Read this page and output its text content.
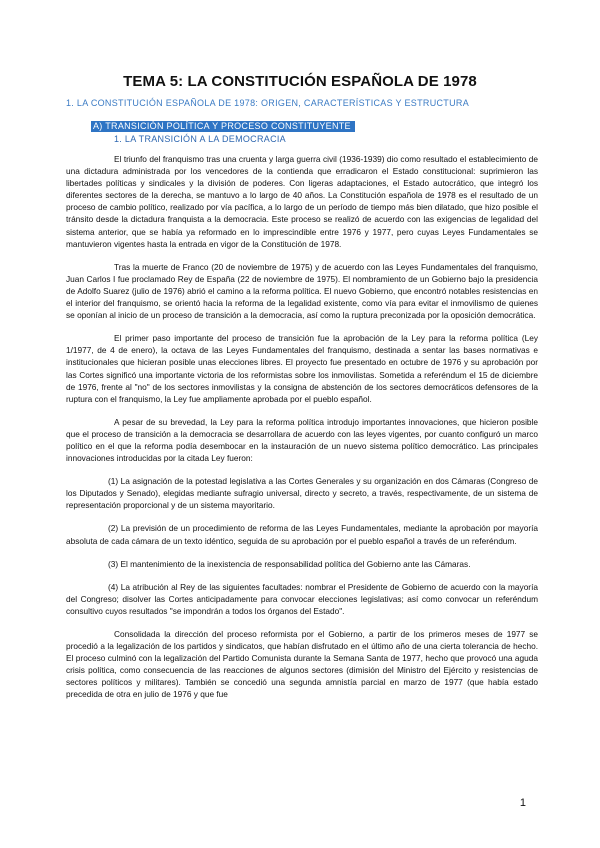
TEMA 5: LA CONSTITUCIÓN ESPAÑOLA DE 1978
1. LA CONSTITUCIÓN ESPAÑOLA DE 1978: ORIGEN, CARACTERÍSTICAS Y ESTRUCTURA
A) TRANSICIÓN POLÍTICA Y PROCESO CONSTITUYENTE
1. LA TRANSICIÓN A LA DEMOCRACIA

El triunfo del franquismo tras una cruenta y larga guerra civil (1936-1939) dio como resultado el establecimiento de una dictadura administrada por los vencedores de la contienda que erradicaron el Estado constitucional: suprimieron las libertades políticas y sindicales y la división de poderes. Con ligeras adaptaciones, el Estado autocrático, que integró los diferentes sectores de la derecha, se mantuvo a lo largo de 40 años. La Constitución española de 1978 es el resultado de un proceso de cambio político, realizado por vía pacífica, a lo largo de un período de tiempo más bien dilatado, que hizo posible el tránsito desde la dictadura franquista a la democracia. Este proceso se realizó de acuerdo con las exigencias de legalidad del sistema anterior, que se había ya reformado en lo imprescindible entre 1976 y 1977, pero cuyas Leyes Fundamentales se mantuvieron vigentes hasta la entrada en vigor de la Constitución de 1978.

Tras la muerte de Franco (20 de noviembre de 1975) y de acuerdo con las Leyes Fundamentales del franquismo, Juan Carlos I fue proclamado Rey de España (22 de noviembre de 1975). El nombramiento de un Gobierno bajo la presidencia de Adolfo Suarez (julio de 1976) abrió el camino a la reforma política. El nuevo Gobierno, que encontró notables resistencias en el interior del franquismo, se orientó hacia la reforma de la legalidad existente, como vía para evitar el inmovilismo de quienes se oponían al inicio de un proceso de transición a la democracia, así como la ruptura preconizada por la oposición democrática.

El primer paso importante del proceso de transición fue la aprobación de la Ley para la reforma política (Ley 1/1977, de 4 de enero), la octava de las Leyes Fundamentales del franquismo, destinada a sentar las bases normativas e institucionales que hicieran posible unas elecciones libres. El proyecto fue presentado en octubre de 1976 y su aprobación por las Cortes significó una importante victoria de los reformistas sobre los inmovilistas. Sometida a referéndum el 15 de diciembre de 1976, frente al "no" de los sectores inmovilistas y la consigna de abstención de los sectores democráticos defensores de la ruptura con el franquismo, la Ley fue ampliamente aprobada por el pueblo español.

A pesar de su brevedad, la Ley para la reforma política introdujo importantes innovaciones, que hicieron posible que el proceso de transición a la democracia se desarrollara de acuerdo con las leyes vigentes, por cuanto configuró un marco político en el que la reforma podía desembocar en la instauración de un nuevo sistema político democrático. Las principales innovaciones introducidas por la citada Ley fueron:

(1) La asignación de la potestad legislativa a las Cortes Generales y su organización en dos Cámaras (Congreso de los Diputados y Senado), elegidas mediante sufragio universal, directo y secreto, a través, respectivamente, de un sistema de representación proporcional y de un sistema mayoritario.

(2) La previsión de un procedimiento de reforma de las Leyes Fundamentales, mediante la aprobación por mayoría absoluta de cada cámara de un texto idéntico, seguida de su aprobación por el pueblo español a través de un referéndum.

(3) El mantenimiento de la inexistencia de responsabilidad política del Gobierno ante las Cámaras.

(4) La atribución al Rey de las siguientes facultades: nombrar el Presidente de Gobierno de acuerdo con la mayoría del Congreso; disolver las Cortes anticipadamente para convocar elecciones legislativas; así como convocar un referéndum consultivo cuyos resultados "se impondrán a todos los órganos del Estado".

Consolidada la dirección del proceso reformista por el Gobierno, a partir de los primeros meses de 1977 se procedió a la legalización de los partidos y sindicatos, que habían disfrutado en el último año de una cierta tolerancia de hecho. El proceso culminó con la legalización del Partido Comunista durante la Semana Santa de 1977, hecho que provocó una aguda crisis política, como consecuencia de las reacciones de algunos sectores (dimisión del Ministro del Ejército y resistencias de sectores políticos y militares). También se concedió una segunda amnistía parcial en marzo de 1977 (que había estado precedida de otra en julio de 1976 y que fue

1
